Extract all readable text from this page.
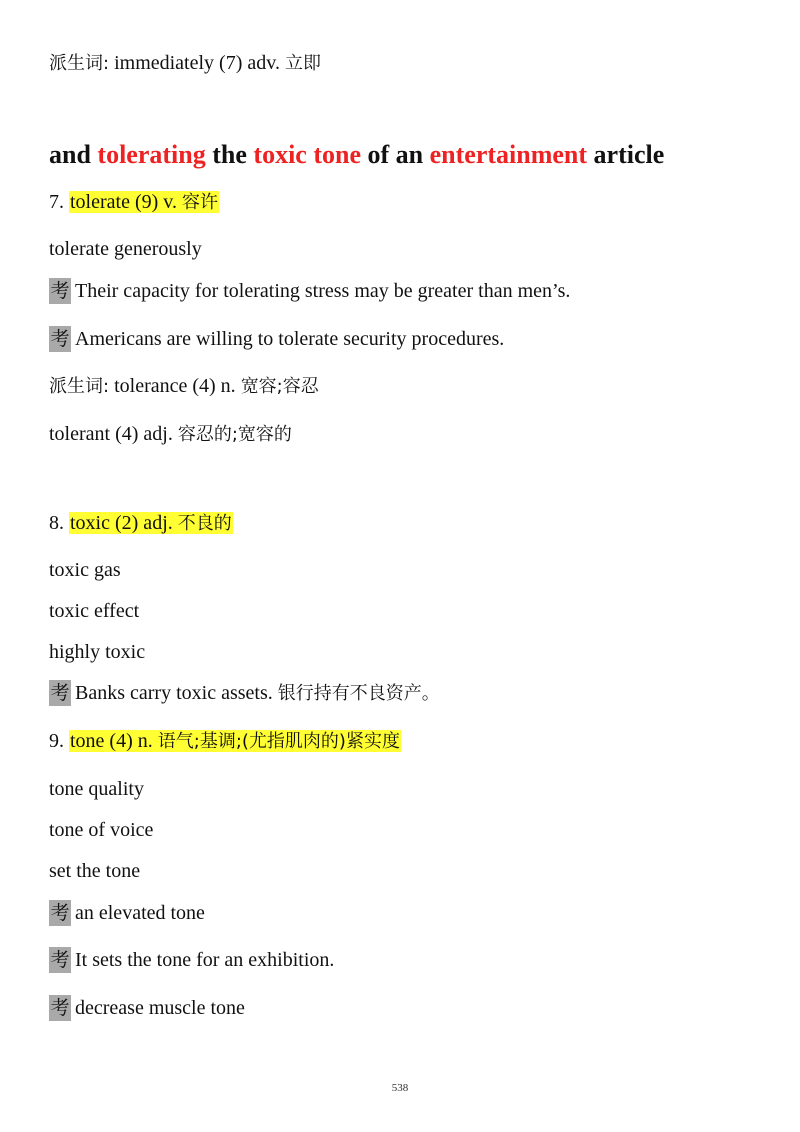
派生词: immediately (7) adv. 立即
and tolerating the toxic tone of an entertainment article
7. tolerate (9) v. 容许
tolerate generously
考 Their capacity for tolerating stress may be greater than men’s.
考 Americans are willing to tolerate security procedures.
派生词: tolerance (4) n. 宽容;容忍
tolerant (4) adj. 容忍的;宽容的
8. toxic (2) adj. 不良的
toxic gas
toxic effect
highly toxic
考 Banks carry toxic assets. 银行持有不良资产。
9. tone (4) n. 语气;基调;(尤指肌肉的)紧实度
tone quality
tone of voice
set the tone
考 an elevated tone
考 It sets the tone for an exhibition.
考 decrease muscle tone
538
